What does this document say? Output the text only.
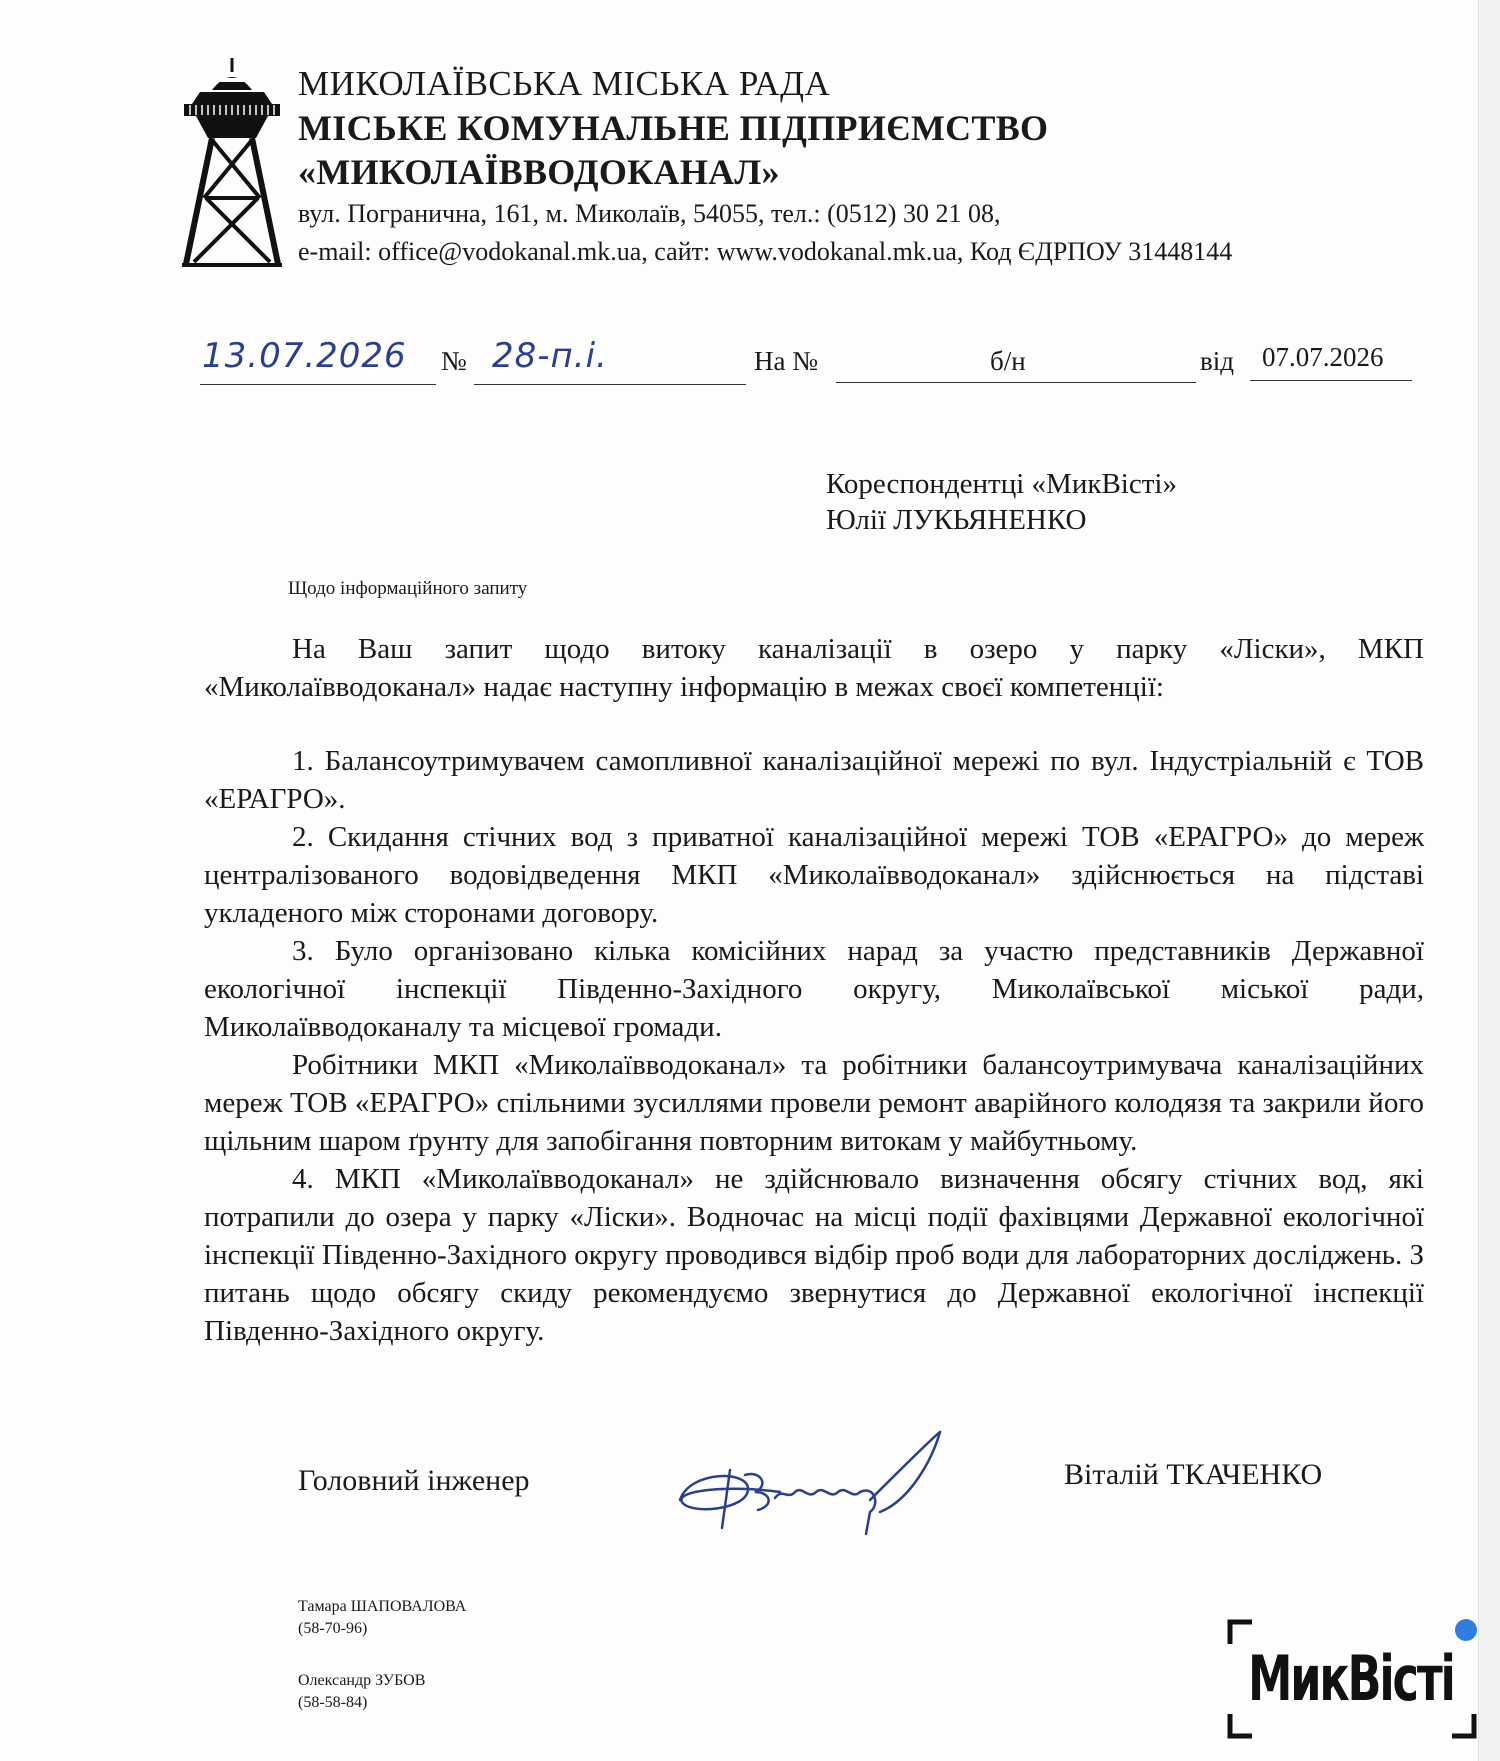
МИКОЛАЇВСЬКА МІСЬКА РАДА
МІСЬКЕ КОМУНАЛЬНЕ ПІДПРИЄМСТВО
«МИКОЛАЇВВОДОКАНАЛ»
вул. Погранична, 161, м. Миколаїв, 54055, тел.: (0512) 30 21 08,
e-mail: office@vodokanal.mk.ua, сайт: www.vodokanal.mk.ua, Код ЄДРПОУ 31448144
13.07.2026 № 28-п.і.	На №	б/н	від 07.07.2026
Кореспондентці «МикВісті»
Юлії ЛУКЬЯНЕНКО
Щодо інформаційного запиту

На Ваш запит щодо витоку каналізації в озеро у парку «Ліски», МКП «Миколаївводоканал» надає наступну інформацію в межах своєї компетенції:

1. Балансоутримувачем самопливної каналізаційної мережі по вул. Індустріальній є ТОВ «ЕРАГРО».

2. Скидання стічних вод з приватної каналізаційної мережі ТОВ «ЕРАГРО» до мереж централізованого водовідведення МКП «Миколаївводоканал» здійснюється на підставі укладеного між сторонами договору.

3. Було організовано кілька комісійних нарад за участю представників Державної екологічної інспекції Південно-Західного округу, Миколаївської міської ради, Миколаївводоканалу та місцевої громади.

Робітники МКП «Миколаївводоканал» та робітники балансоутримувача каналізаційних мереж ТОВ «ЕРАГРО» спільними зусиллями провели ремонт аварійного колодязя та закрили його щільним шаром ґрунту для запобігання повторним витокам у майбутньому.

4. МКП «Миколаївводоканал» не здійснювало визначення обсягу стічних вод, які потрапили до озера у парку «Ліски». Водночас на місці події фахівцями Державної екологічної інспекції Південно-Західного округу проводився відбір проб води для лабораторних досліджень. З питань щодо обсягу скиду рекомендуємо звернутися до Державної екологічної інспекції Південно-Західного округу.

Головний інженер	Віталій ТКАЧЕНКО
Тамара ШАПОВАЛОВА
(58-70-96)
Олександр ЗУБОВ
(58-58-84)	МикВісті
